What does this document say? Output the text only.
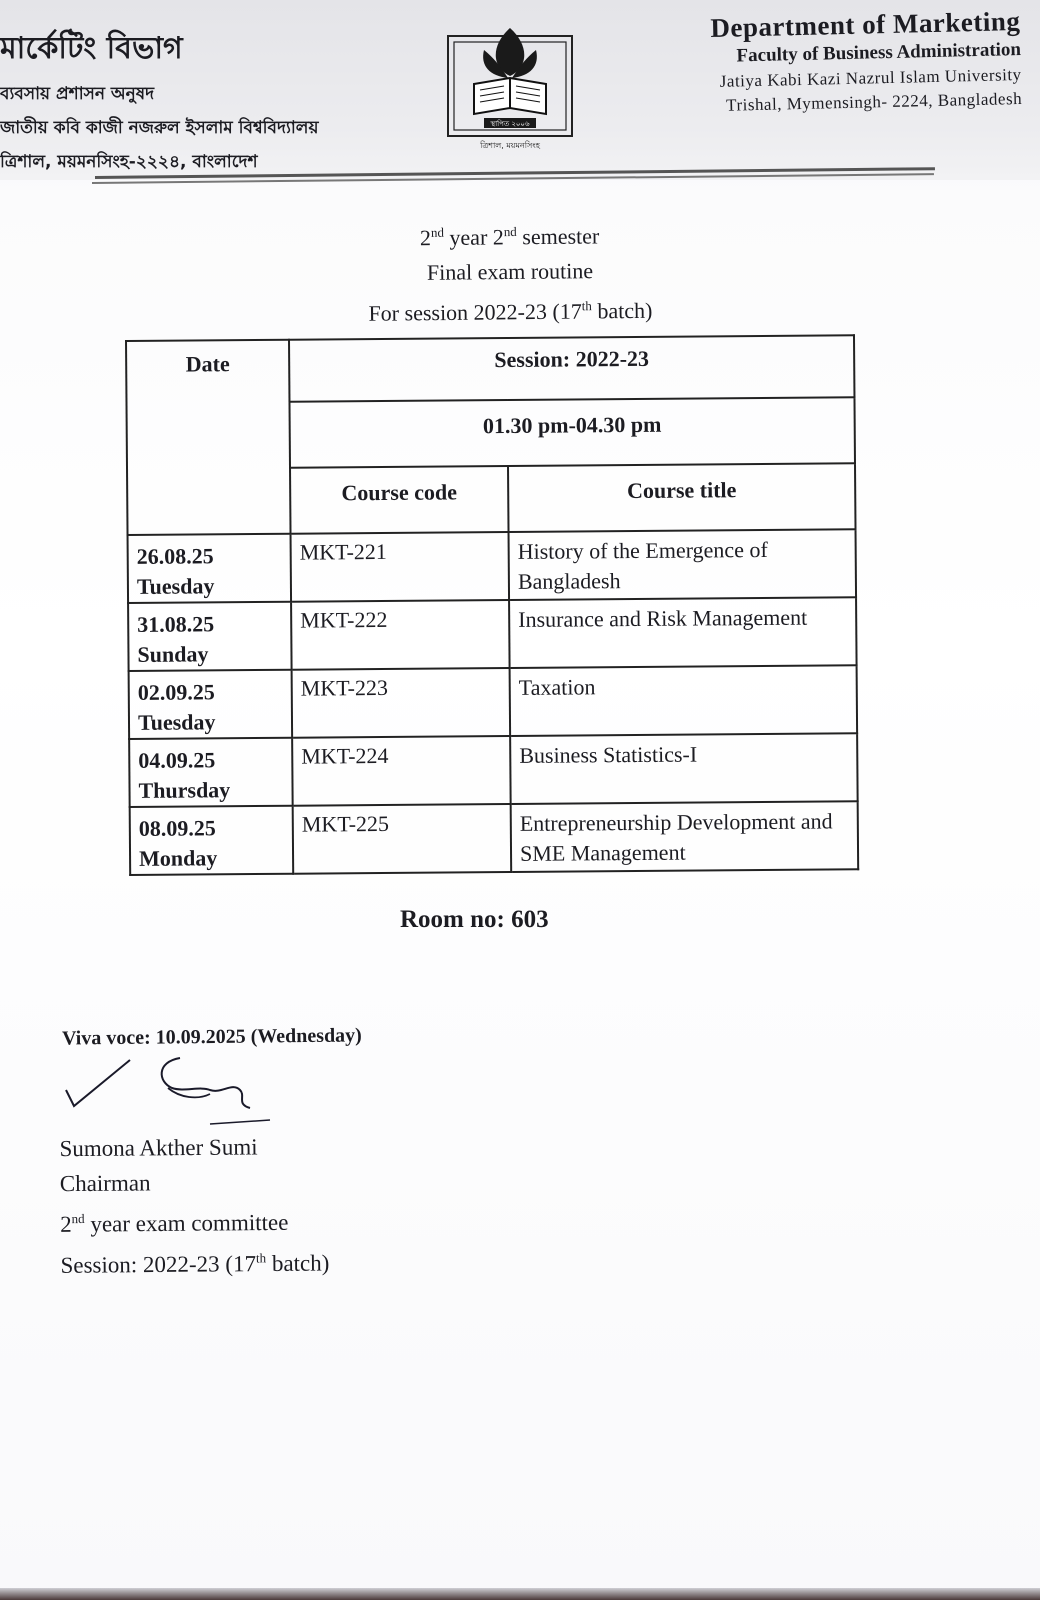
মার্কেটিং বিভাগ

ব্যবসায় প্রশাসন অনুষদ

জাতীয় কবি কাজী নজরুল ইসলাম বিশ্ববিদ্যালয়

ত্রিশাল, ময়মনসিংহ-২২২৪, বাংলাদেশ

স্থাপিত ২০০৬
ত্রিশাল, ময়মনসিংহ

Department of Marketing

Faculty of Business Administration

Jatiya Kabi Kazi Nazrul Islam University

Trishal, Mymensingh- 2224, Bangladesh

2nd year 2nd semester

Final exam routine

For session 2022-23 (17th batch)

Date	Session: 2022-23	
	01.30 pm-04.30 pm	
	Course code	Course title

26.08.25
Tuesday	MKT-221	History of the Emergence of Bangladesh

31.08.25
Sunday	MKT-222	Insurance and Risk Management

02.09.25
Tuesday	MKT-223	Taxation

04.09.25
Thursday	MKT-224	Business Statistics-I

08.09.25
Monday	MKT-225	Entrepreneurship Development and SME Management
Room no: 603
Viva voce: 10.09.2025 (Wednesday)

Sumona Akther Sumi

Chairman

2nd year exam committee

Session: 2022-23 (17th batch)
